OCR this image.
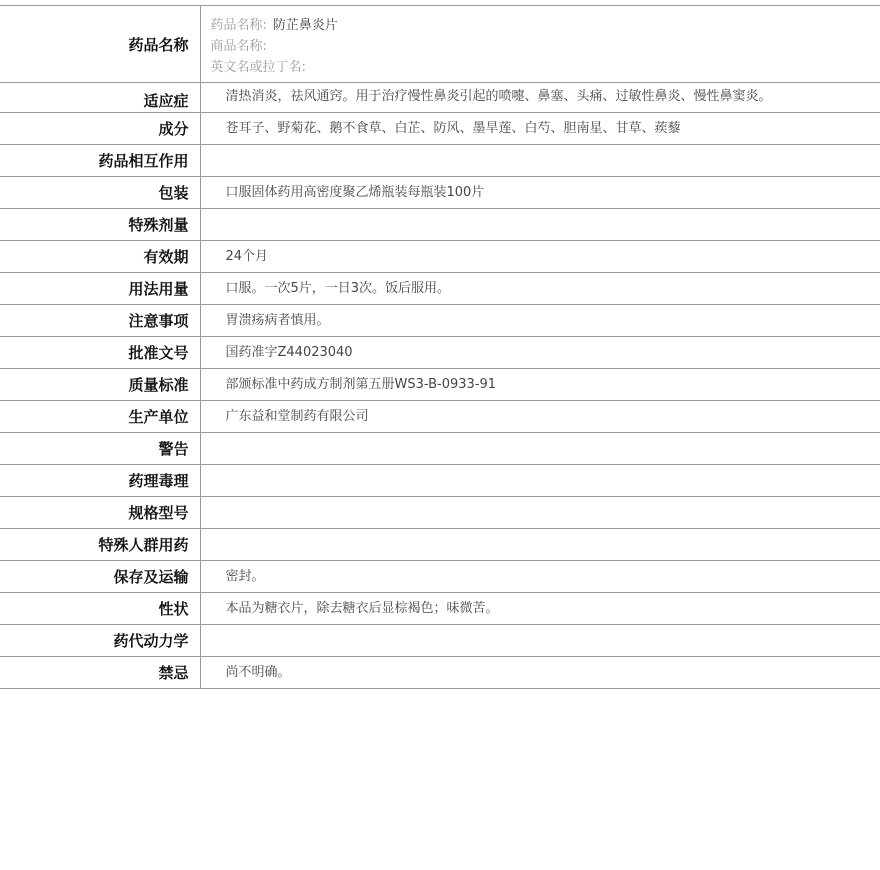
药品名称	药品名称: 防芷鼻炎片
商品名称:
英文名或拉丁名:

适应症	清热消炎，祛风通窍。用于治疗慢性鼻炎引起的喷嚏、鼻塞、头痛、过敏性鼻炎、慢性鼻窦炎。
成分	苍耳子、野菊花、鹅不食草、白芷、防风、墨旱莲、白芍、胆南星、甘草、蒺藜
药品相互作用	
包装	口服固体药用高密度聚乙烯瓶装每瓶装100片
特殊剂量	
有效期	24个月
用法用量	口服。一次5片，一日3次。饭后服用。
注意事项	胃溃疡病者慎用。
批准文号	国药准字Z44023040
质量标准	部颁标准中药成方制剂第五册WS3-B-0933-91
生产单位	广东益和堂制药有限公司
警告	
药理毒理	
规格型号	
特殊人群用药	
保存及运输	密封。
性状	本品为糖衣片，除去糖衣后显棕褐色；味微苦。
药代动力学	
禁忌	尚不明确。
